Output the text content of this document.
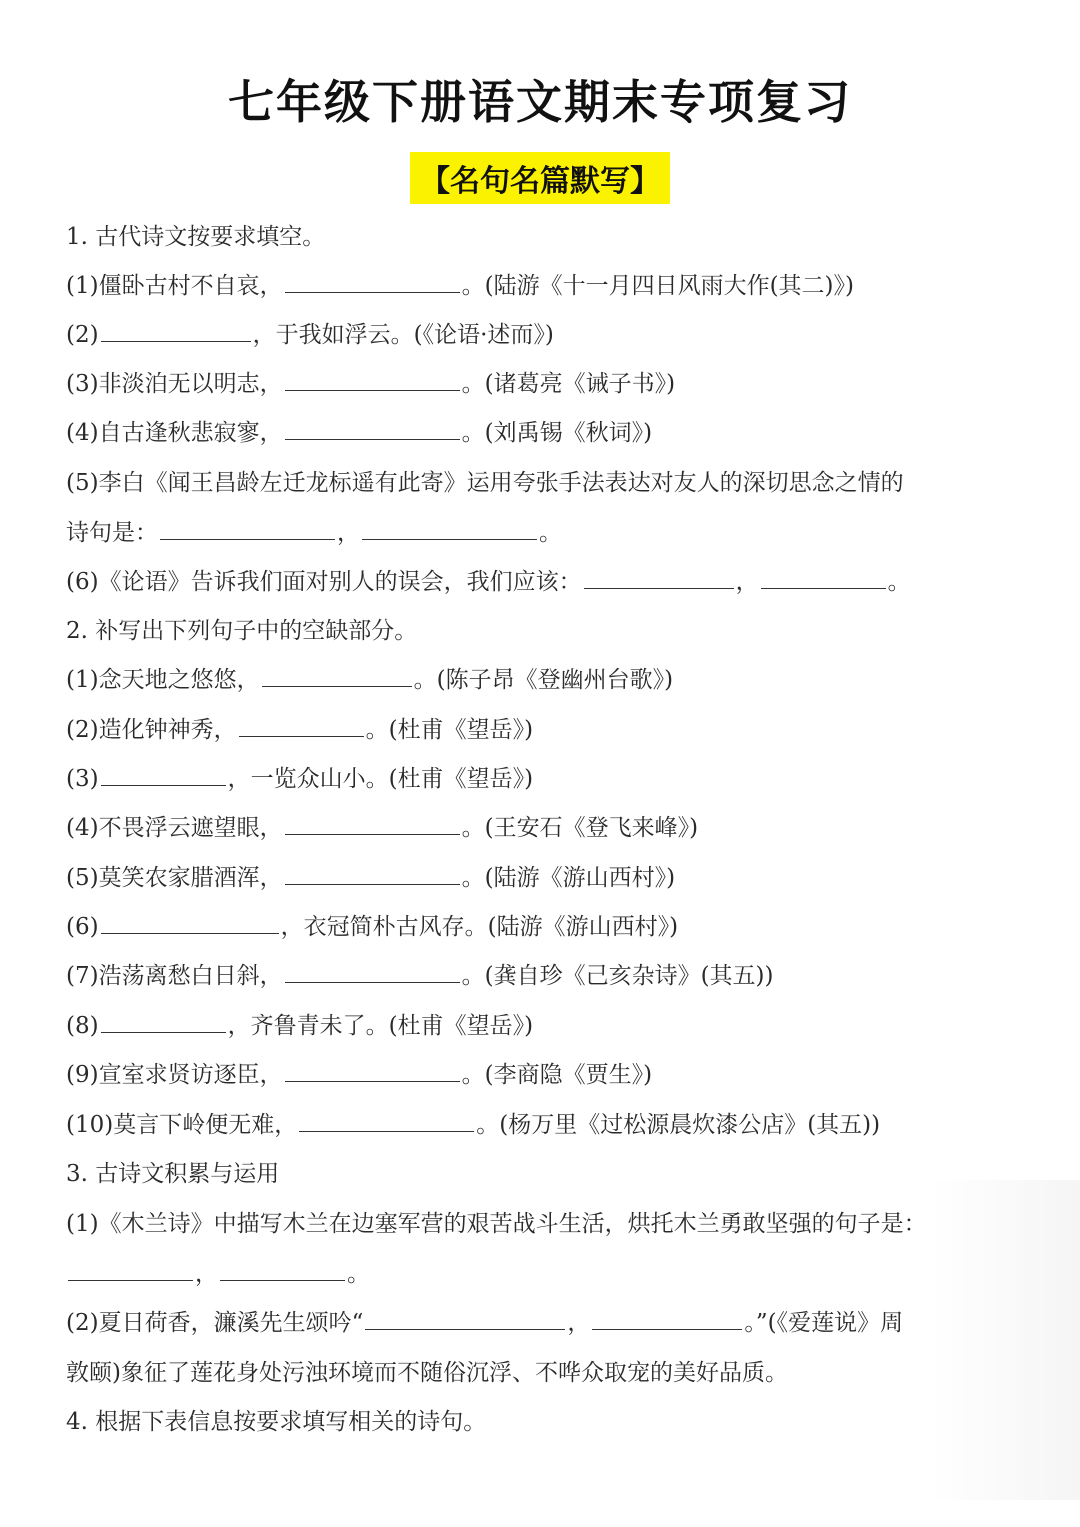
七年级下册语文期末专项复习
【名句名篇默写】
1. 古代诗文按要求填空。
(1)僵卧古村不自哀，	。(陆游《十一月四日风雨大作(其二)》)
(2)	，于我如浮云。(《论语·述而》)
(3)非淡泊无以明志，	。(诸葛亮《诫子书》)
(4)自古逢秋悲寂寥，	。(刘禹锡《秋词》)
(5)李白《闻王昌龄左迁龙标遥有此寄》运用夸张手法表达对友人的深切思念之情的
诗句是：	，	。
(6)《论语》告诉我们面对别人的误会，我们应该：	，	。
2. 补写出下列句子中的空缺部分。
(1)念天地之悠悠，	。(陈子昂《登幽州台歌》)
(2)造化钟神秀，	。(杜甫《望岳》)
(3)	，一览众山小。(杜甫《望岳》)
(4)不畏浮云遮望眼，	。(王安石《登飞来峰》)
(5)莫笑农家腊酒浑，	。(陆游《游山西村》)
(6)	，衣冠简朴古风存。(陆游《游山西村》)
(7)浩荡离愁白日斜，	。(龚自珍《己亥杂诗》(其五))
(8)	，齐鲁青未了。(杜甫《望岳》)
(9)宣室求贤访逐臣，	。(李商隐《贾生》)
(10)莫言下岭便无难，	。(杨万里《过松源晨炊漆公店》(其五))
3. 古诗文积累与运用
(1)《木兰诗》中描写木兰在边塞军营的艰苦战斗生活，烘托木兰勇敢坚强的句子是：
，	。
(2)夏日荷香，濂溪先生颂吟“	，	。”(《爱莲说》周
敦颐)象征了莲花身处污浊环境而不随俗沉浮、不哗众取宠的美好品质。
4. 根据下表信息按要求填写相关的诗句。
